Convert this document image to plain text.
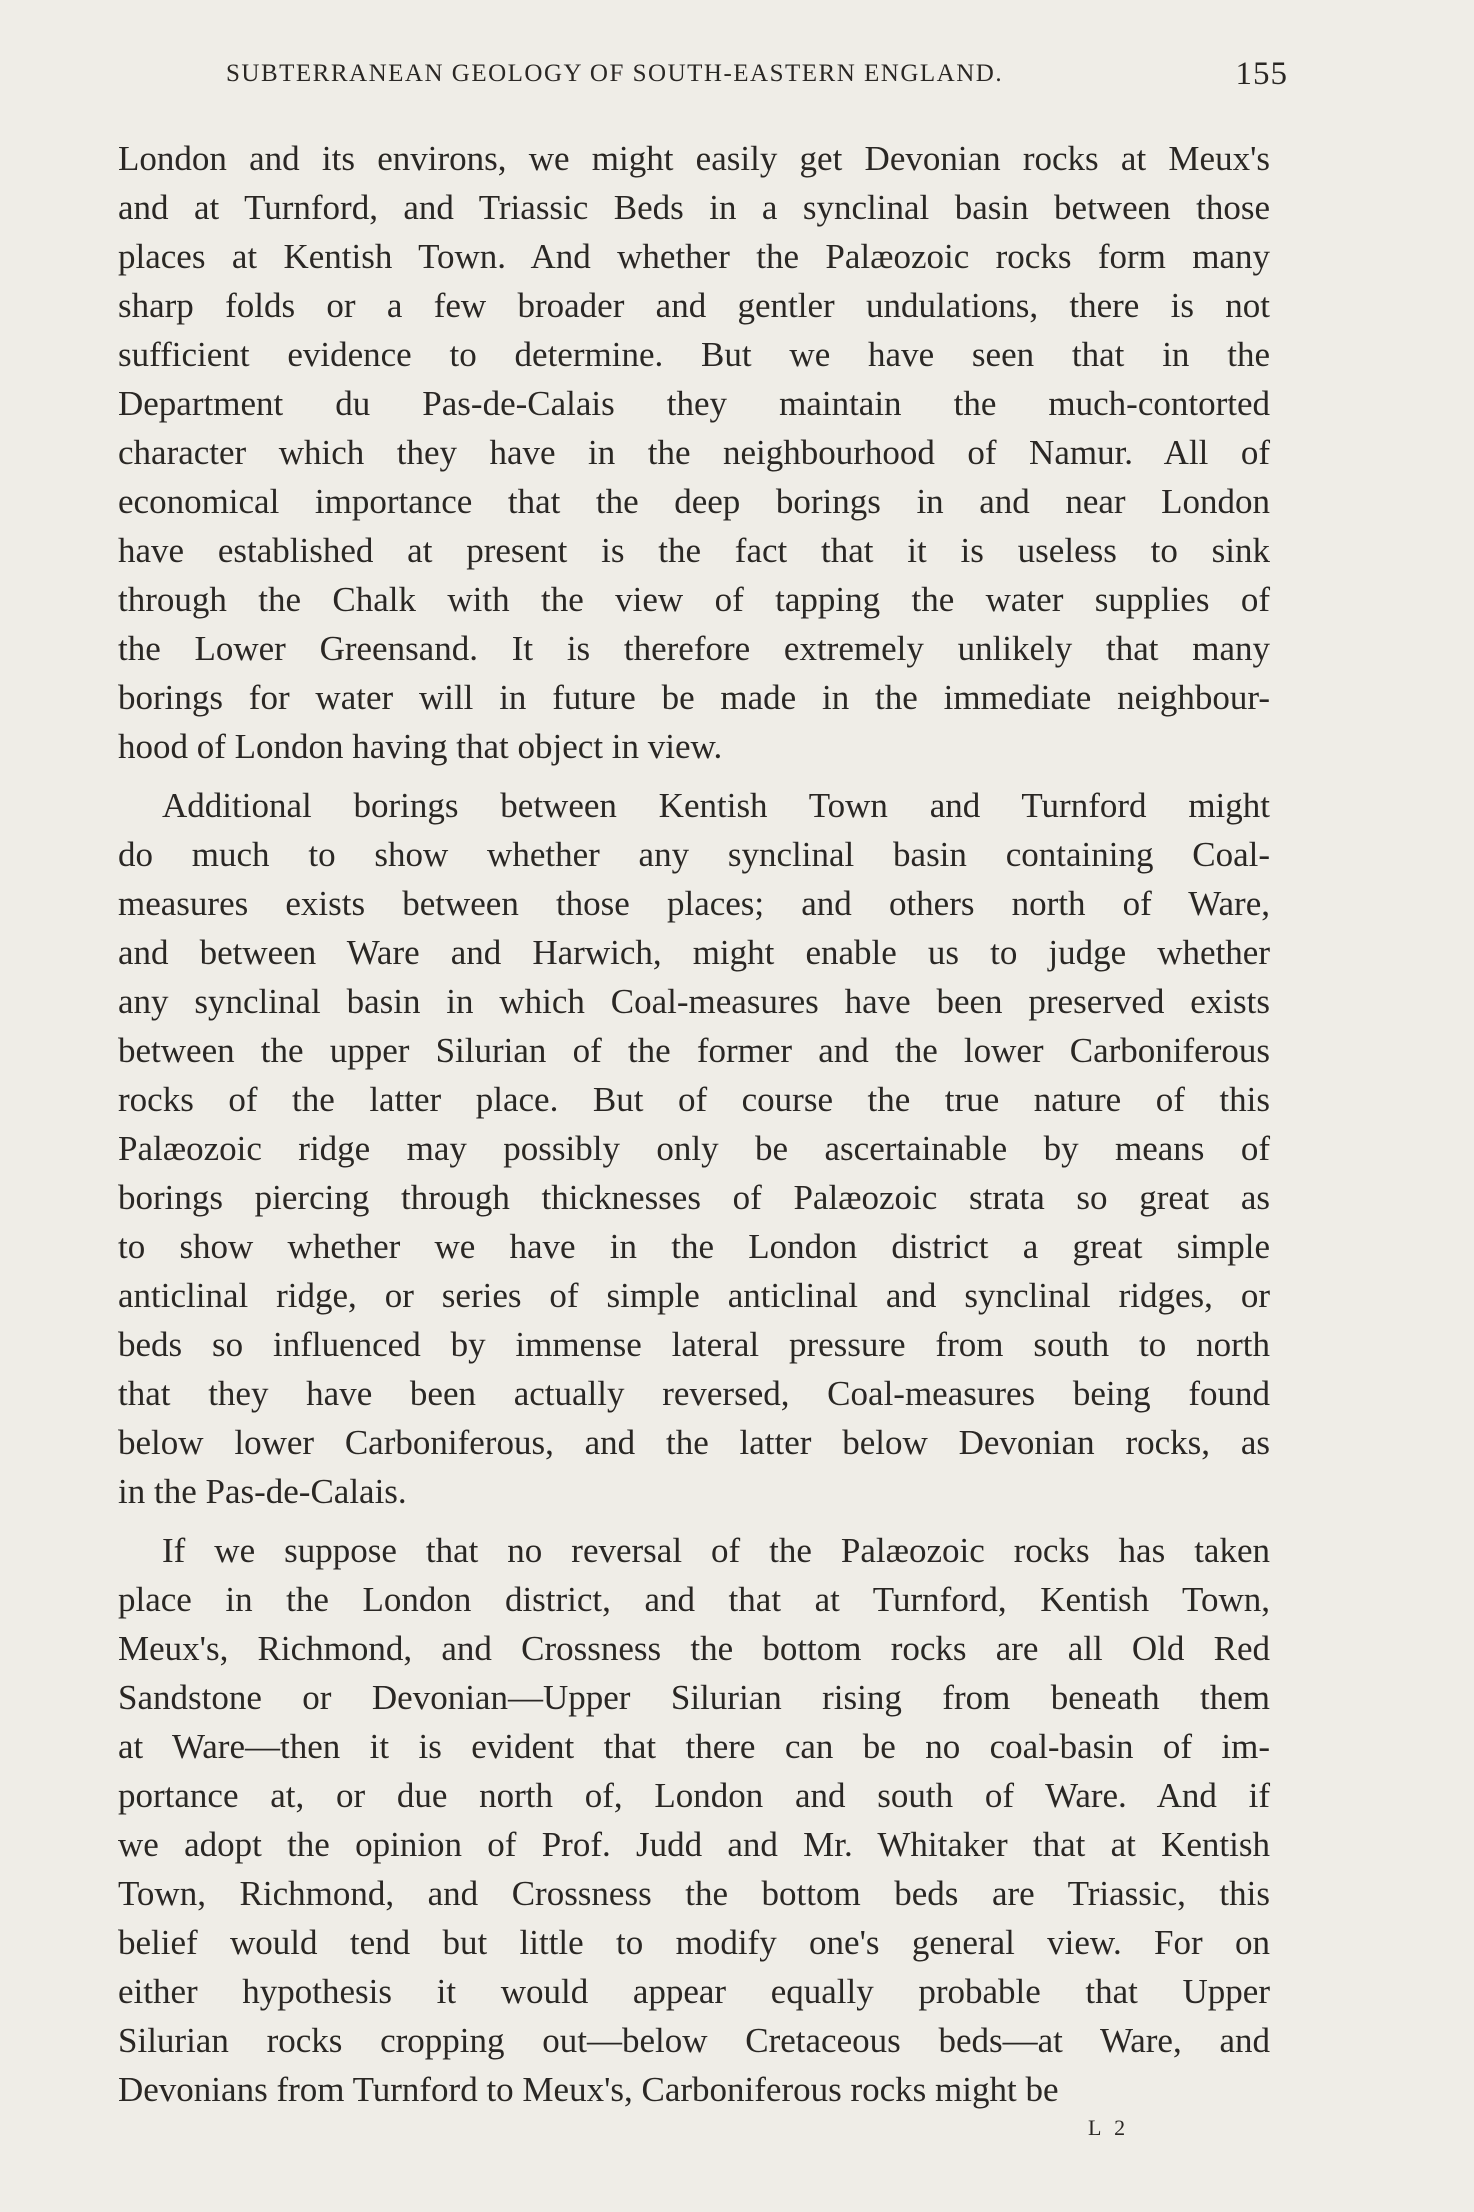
SUBTERRANEAN GEOLOGY OF SOUTH-EASTERN ENGLAND.	155
London and its environs, we might easily get Devonian rocks at Meux's
and at Turnford, and Triassic Beds in a synclinal basin between those
places at Kentish Town. And whether the Palæozoic rocks form many
sharp folds or a few broader and gentler undulations, there is not
sufficient evidence to determine. But we have seen that in the
Department du Pas-de-Calais they maintain the much-contorted
character which they have in the neighbourhood of Namur. All of
economical importance that the deep borings in and near London
have established at present is the fact that it is useless to sink
through the Chalk with the view of tapping the water supplies of
the Lower Greensand. It is therefore extremely unlikely that many
borings for water will in future be made in the immediate neighbour-
hood of London having that object in view.
Additional borings between Kentish Town and Turnford might
do much to show whether any synclinal basin containing Coal-
measures exists between those places; and others north of Ware,
and between Ware and Harwich, might enable us to judge whether
any synclinal basin in which Coal-measures have been preserved exists
between the upper Silurian of the former and the lower Carboniferous
rocks of the latter place. But of course the true nature of this
Palæozoic ridge may possibly only be ascertainable by means of
borings piercing through thicknesses of Palæozoic strata so great as
to show whether we have in the London district a great simple
anticlinal ridge, or series of simple anticlinal and synclinal ridges, or
beds so influenced by immense lateral pressure from south to north
that they have been actually reversed, Coal-measures being found
below lower Carboniferous, and the latter below Devonian rocks, as
in the Pas-de-Calais.
If we suppose that no reversal of the Palæozoic rocks has taken
place in the London district, and that at Turnford, Kentish Town,
Meux's, Richmond, and Crossness the bottom rocks are all Old Red
Sandstone or Devonian—Upper Silurian rising from beneath them
at Ware—then it is evident that there can be no coal-basin of im-
portance at, or due north of, London and south of Ware. And if
we adopt the opinion of Prof. Judd and Mr. Whitaker that at Kentish
Town, Richmond, and Crossness the bottom beds are Triassic, this
belief would tend but little to modify one's general view. For on
either hypothesis it would appear equally probable that Upper
Silurian rocks cropping out—below Cretaceous beds—at Ware, and
Devonians from Turnford to Meux's, Carboniferous rocks might be
L 2
